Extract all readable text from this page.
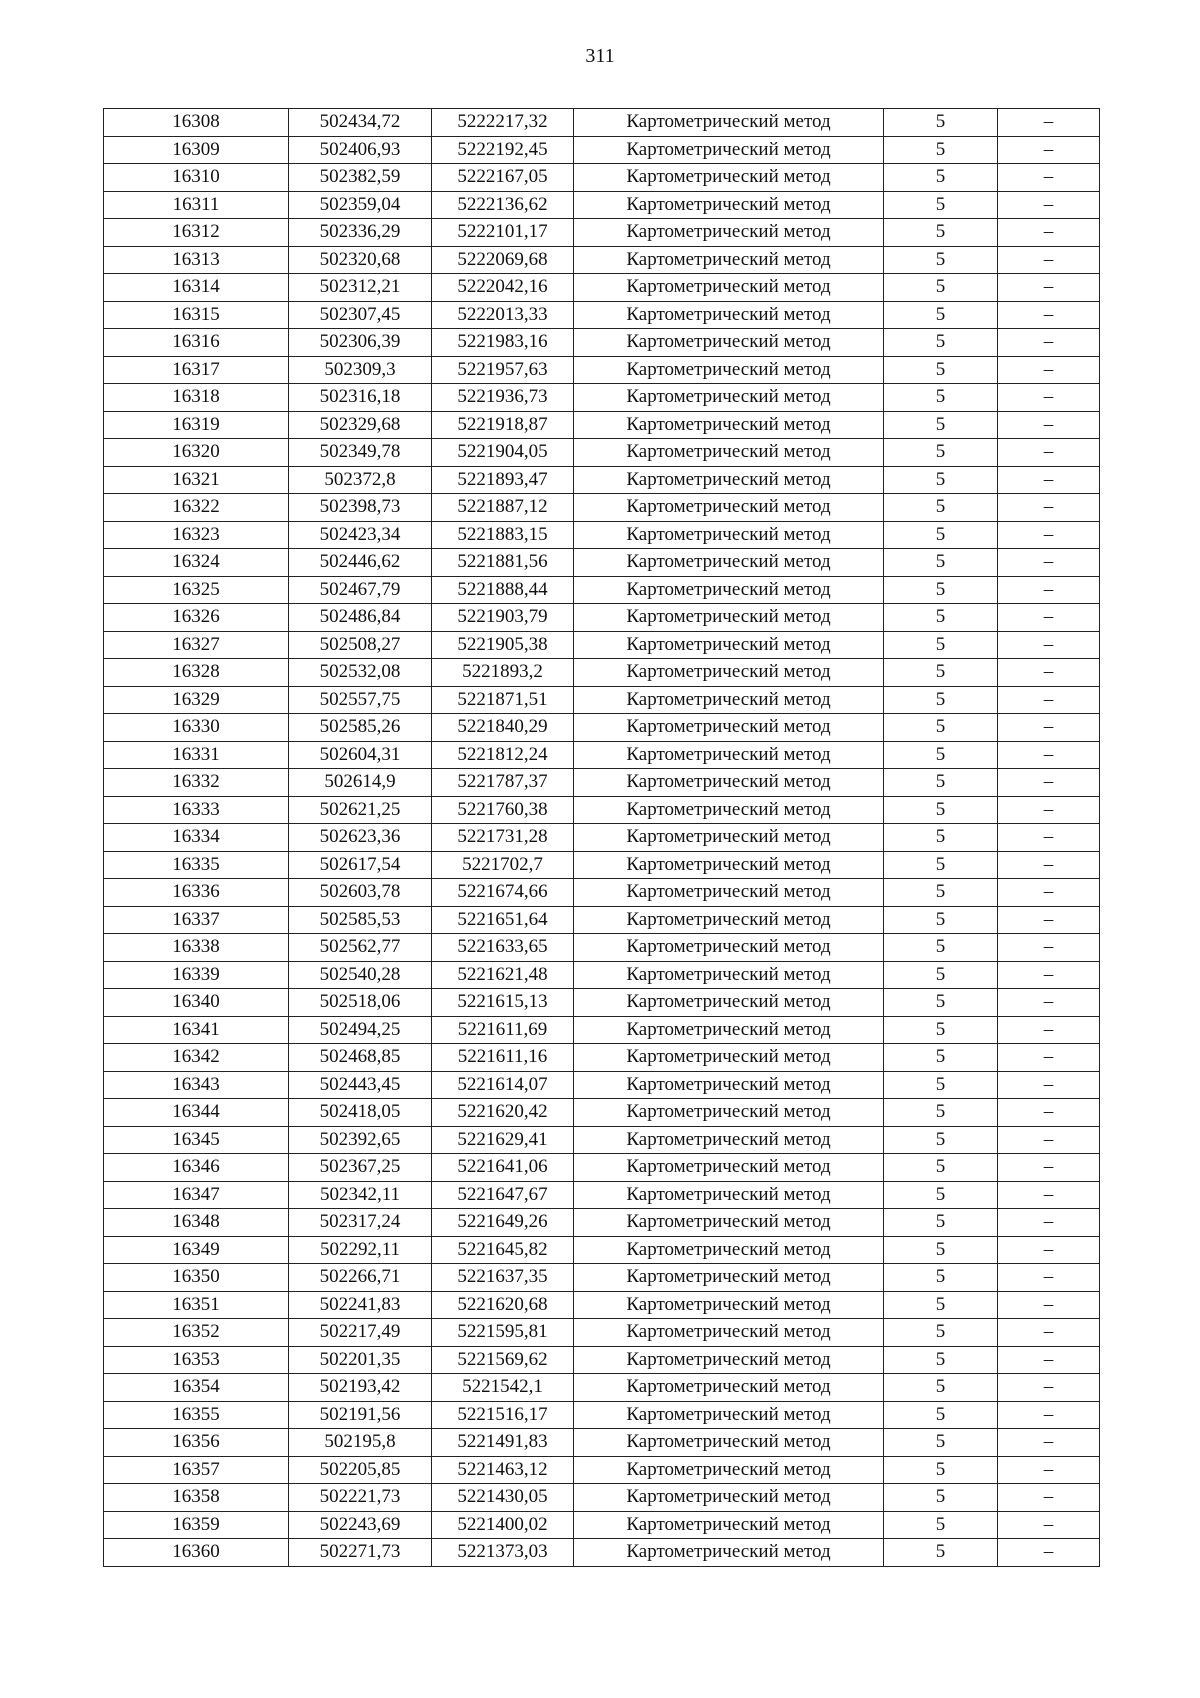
311
16308	502434,72	5222217,32	Картометрический метод	5	–
16309	502406,93	5222192,45	Картометрический метод	5	–
16310	502382,59	5222167,05	Картометрический метод	5	–
16311	502359,04	5222136,62	Картометрический метод	5	–
16312	502336,29	5222101,17	Картометрический метод	5	–
16313	502320,68	5222069,68	Картометрический метод	5	–
16314	502312,21	5222042,16	Картометрический метод	5	–
16315	502307,45	5222013,33	Картометрический метод	5	–
16316	502306,39	5221983,16	Картометрический метод	5	–
16317	502309,3	5221957,63	Картометрический метод	5	–
16318	502316,18	5221936,73	Картометрический метод	5	–
16319	502329,68	5221918,87	Картометрический метод	5	–
16320	502349,78	5221904,05	Картометрический метод	5	–
16321	502372,8	5221893,47	Картометрический метод	5	–
16322	502398,73	5221887,12	Картометрический метод	5	–
16323	502423,34	5221883,15	Картометрический метод	5	–
16324	502446,62	5221881,56	Картометрический метод	5	–
16325	502467,79	5221888,44	Картометрический метод	5	–
16326	502486,84	5221903,79	Картометрический метод	5	–
16327	502508,27	5221905,38	Картометрический метод	5	–
16328	502532,08	5221893,2	Картометрический метод	5	–
16329	502557,75	5221871,51	Картометрический метод	5	–
16330	502585,26	5221840,29	Картометрический метод	5	–
16331	502604,31	5221812,24	Картометрический метод	5	–
16332	502614,9	5221787,37	Картометрический метод	5	–
16333	502621,25	5221760,38	Картометрический метод	5	–
16334	502623,36	5221731,28	Картометрический метод	5	–
16335	502617,54	5221702,7	Картометрический метод	5	–
16336	502603,78	5221674,66	Картометрический метод	5	–
16337	502585,53	5221651,64	Картометрический метод	5	–
16338	502562,77	5221633,65	Картометрический метод	5	–
16339	502540,28	5221621,48	Картометрический метод	5	–
16340	502518,06	5221615,13	Картометрический метод	5	–
16341	502494,25	5221611,69	Картометрический метод	5	–
16342	502468,85	5221611,16	Картометрический метод	5	–
16343	502443,45	5221614,07	Картометрический метод	5	–
16344	502418,05	5221620,42	Картометрический метод	5	–
16345	502392,65	5221629,41	Картометрический метод	5	–
16346	502367,25	5221641,06	Картометрический метод	5	–
16347	502342,11	5221647,67	Картометрический метод	5	–
16348	502317,24	5221649,26	Картометрический метод	5	–
16349	502292,11	5221645,82	Картометрический метод	5	–
16350	502266,71	5221637,35	Картометрический метод	5	–
16351	502241,83	5221620,68	Картометрический метод	5	–
16352	502217,49	5221595,81	Картометрический метод	5	–
16353	502201,35	5221569,62	Картометрический метод	5	–
16354	502193,42	5221542,1	Картометрический метод	5	–
16355	502191,56	5221516,17	Картометрический метод	5	–
16356	502195,8	5221491,83	Картометрический метод	5	–
16357	502205,85	5221463,12	Картометрический метод	5	–
16358	502221,73	5221430,05	Картометрический метод	5	–
16359	502243,69	5221400,02	Картометрический метод	5	–
16360	502271,73	5221373,03	Картометрический метод	5	–
